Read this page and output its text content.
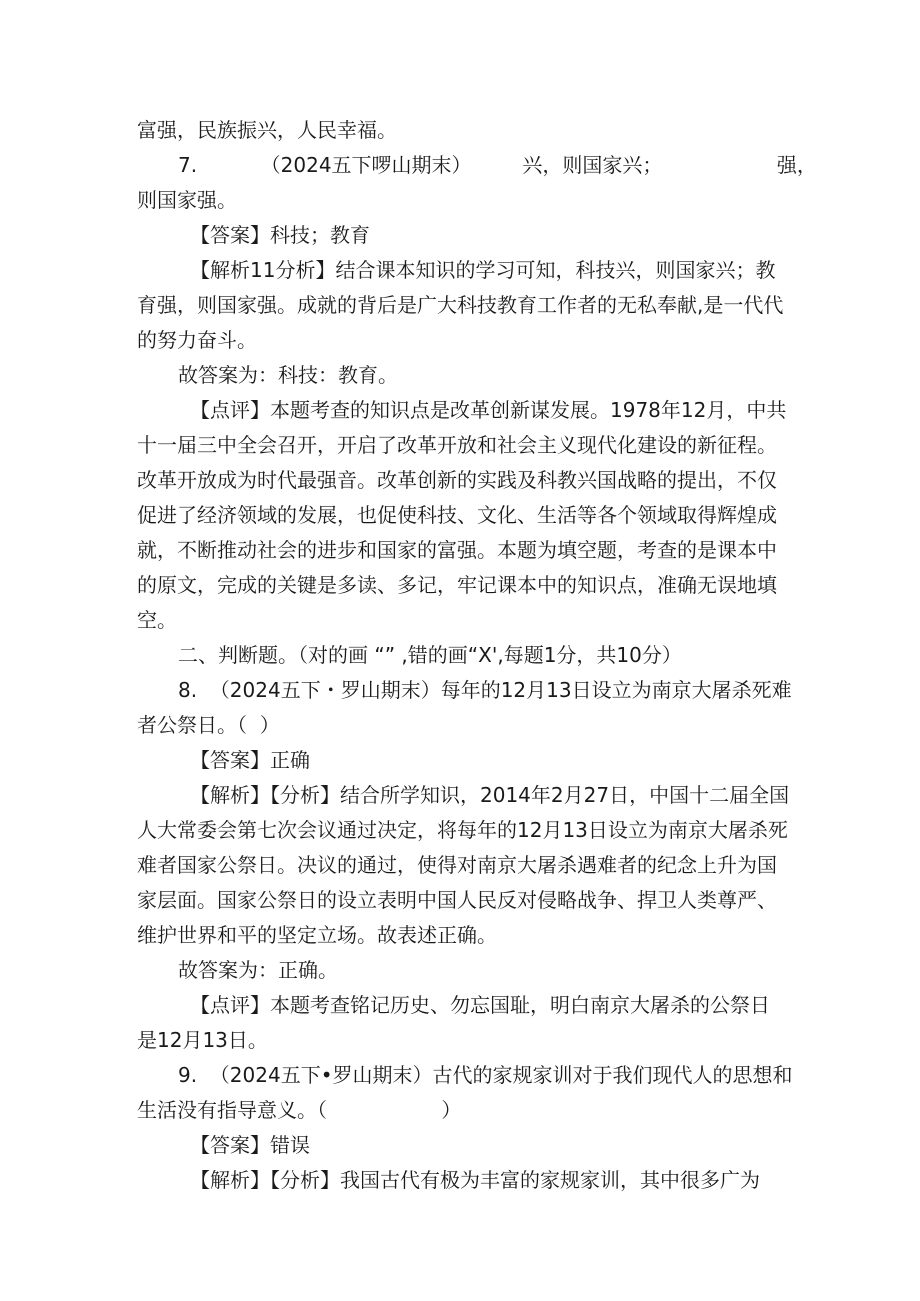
富强，民族振兴，人民幸福。
7.          （2024五下啰山期末）        兴，则国家兴；                  强，
则国家强。
【答案】科技；教育
【解析11分析】结合课本知识的学习可知，科技兴，则国家兴；教
育强，则国家强。成就的背后是广大科技教育工作者的无私奉献,是一代代
的努力奋斗。
故答案为：科技：教育。
【点评】本题考查的知识点是改革创新谋发展。1978年12月，中共
十一届三中全会召开，开启了改革开放和社会主义现代化建设的新征程。
改革开放成为时代最强音。改革创新的实践及科教兴国战略的提出，不仅
促进了经济领域的发展，也促使科技、文化、生活等各个领域取得辉煌成
就，不断推动社会的进步和国家的富强。本题为填空题，考查的是课本中
的原文，完成的关键是多读、多记，牢记课本中的知识点，准确无误地填
空。
二、判断题。（对的画 “” ,错的画“X',每题1分，共10分）
8.  （2024五下・罗山期末）每年的12月13日设立为南京大屠杀死难
者公祭日。（  ）
【答案】正确
【解析】【分析】结合所学知识，2014年2月27日，中国十二届全国
人大常委会第七次会议通过决定，将每年的12月13日设立为南京大屠杀死
难者国家公祭日。决议的通过，使得对南京大屠杀遇难者的纪念上升为国
家层面。国家公祭日的设立表明中国人民反对侵略战争、捍卫人类尊严、
维护世界和平的坚定立场。故表述正确。
故答案为：正确。
【点评】本题考查铭记历史、勿忘国耻，明白南京大屠杀的公祭日
是12月13日。
9.  （2024五下•罗山期末）古代的家规家训对于我们现代人的思想和
生活没有指导意义。（                  ）
【答案】错误
【解析】【分析】我国古代有极为丰富的家规家训，其中很多广为
